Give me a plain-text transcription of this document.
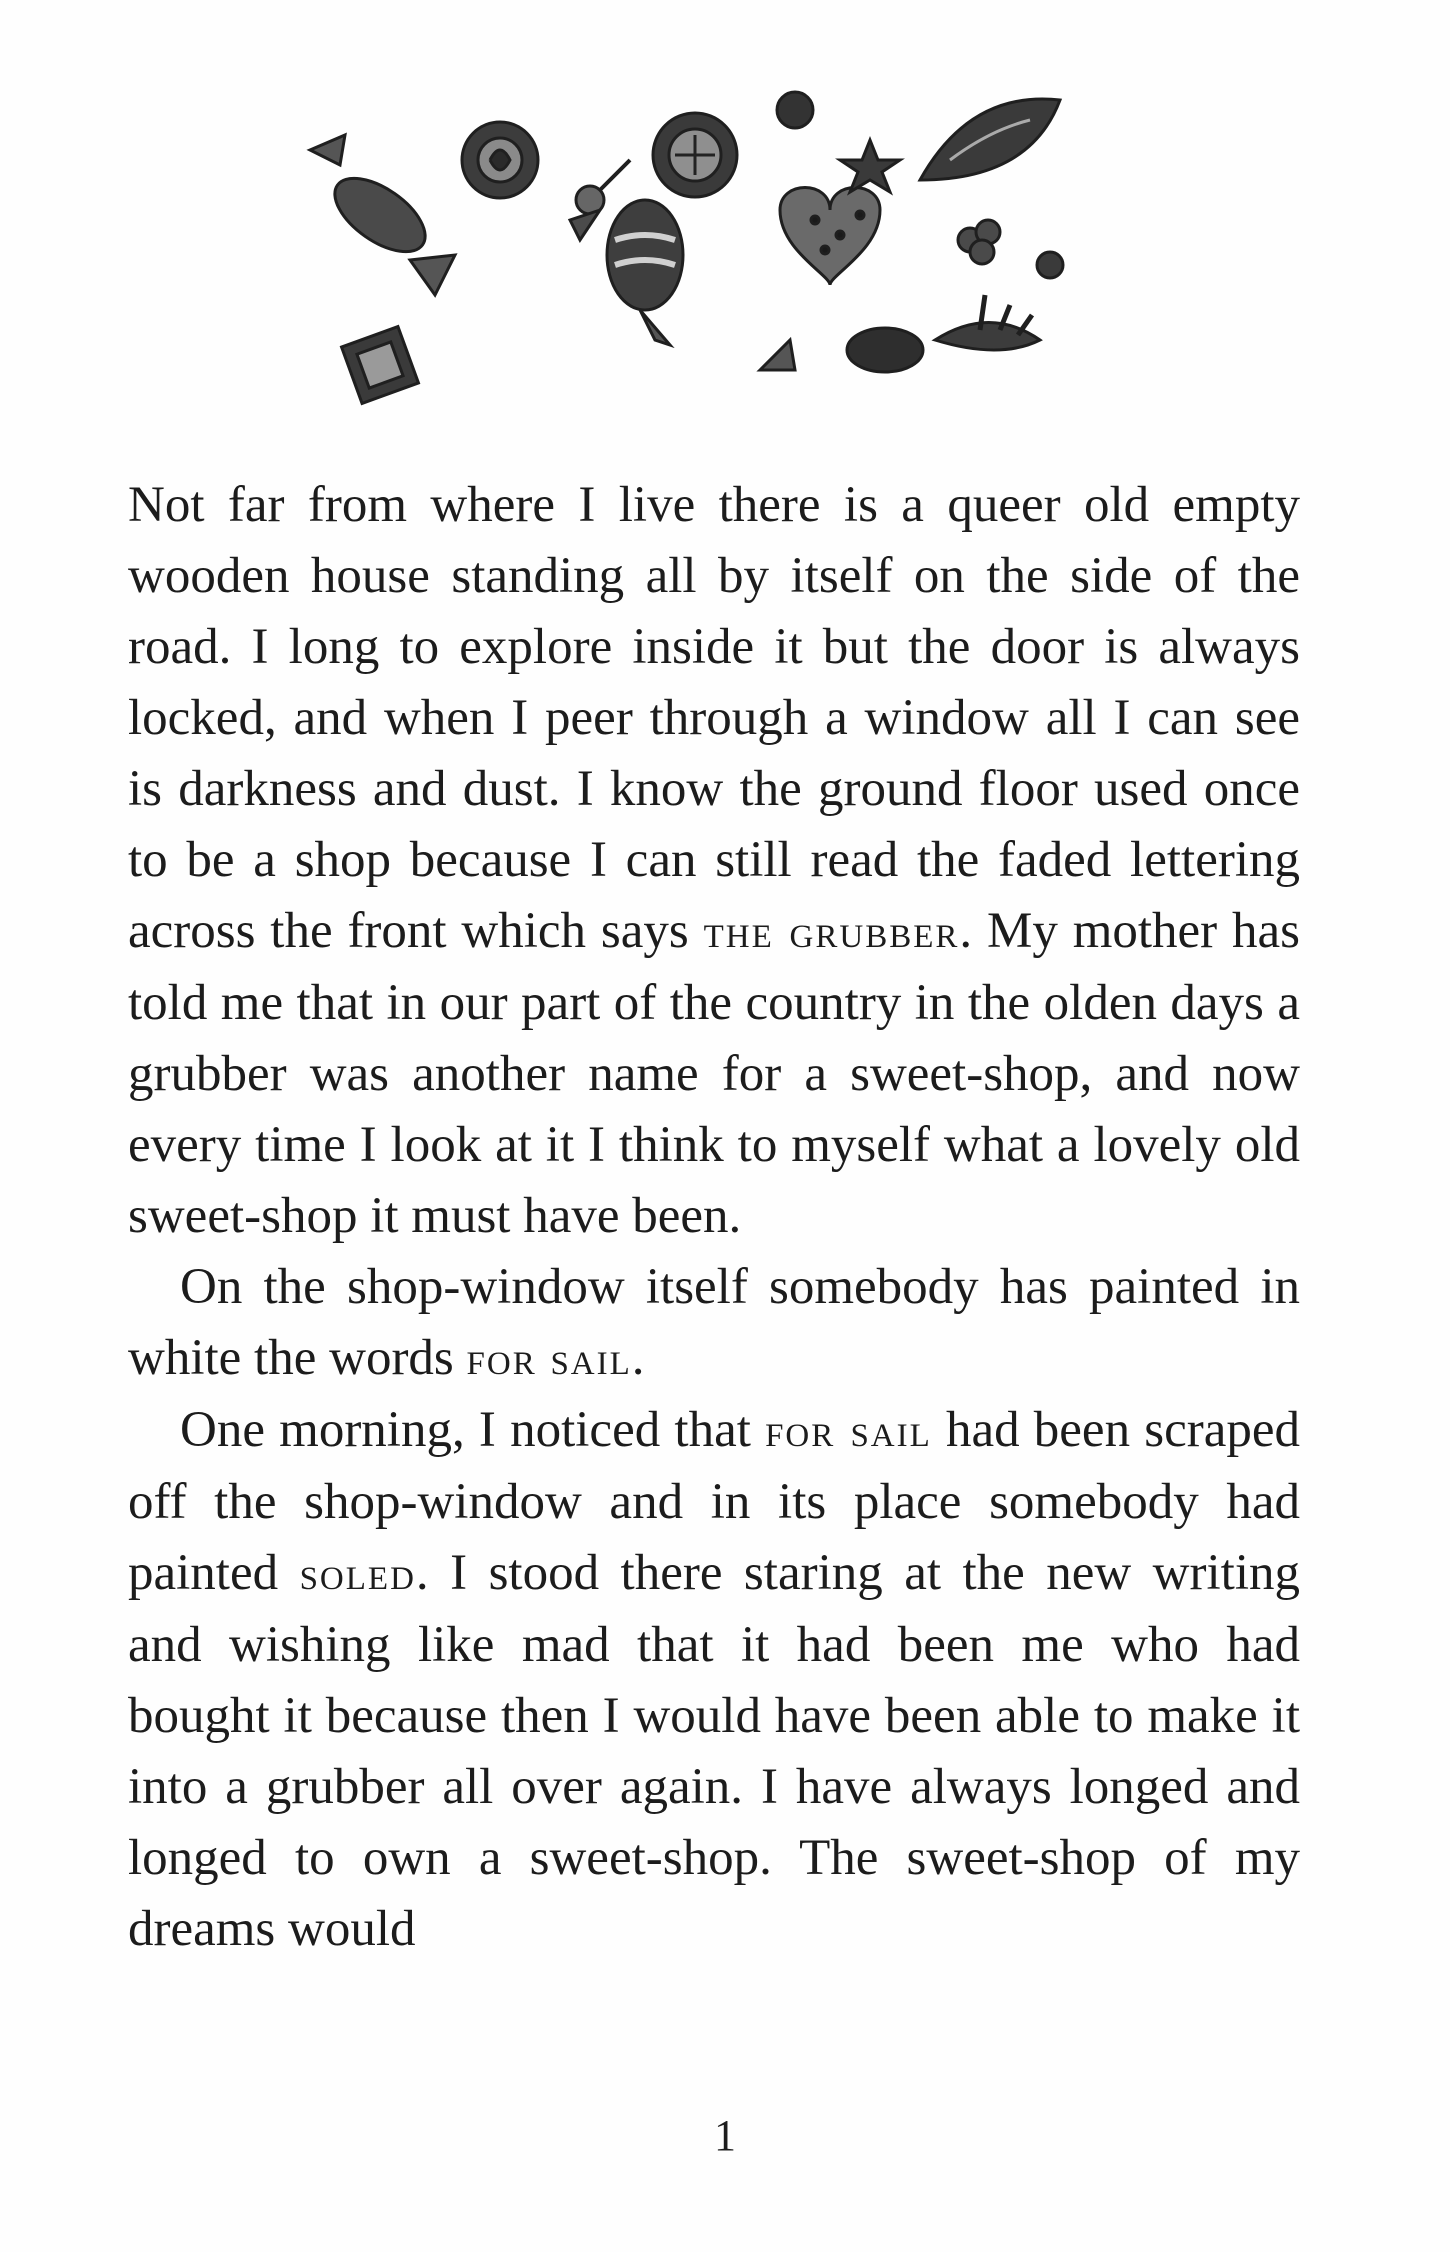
Not far from where I live there is a queer old empty wooden house standing all by itself on the side of the road. I long to explore inside it but the door is always locked, and when I peer through a window all I can see is darkness and dust. I know the ground floor used once to be a shop because I can still read the faded lettering across the front which says the grubber. My mother has told me that in our part of the country in the olden days a grubber was another name for a sweet-shop, and now every time I look at it I think to myself what a lovely old sweet-shop it must have been.

On the shop-window itself somebody has painted in white the words for sail.

One morning, I noticed that for sail had been scraped off the shop-window and in its place somebody had painted soled. I stood there staring at the new writing and wishing like mad that it had been me who had bought it because then I would have been able to make it into a grubber all over again. I have always longed and longed to own a sweet-shop. The sweet-shop of my dreams would

1
